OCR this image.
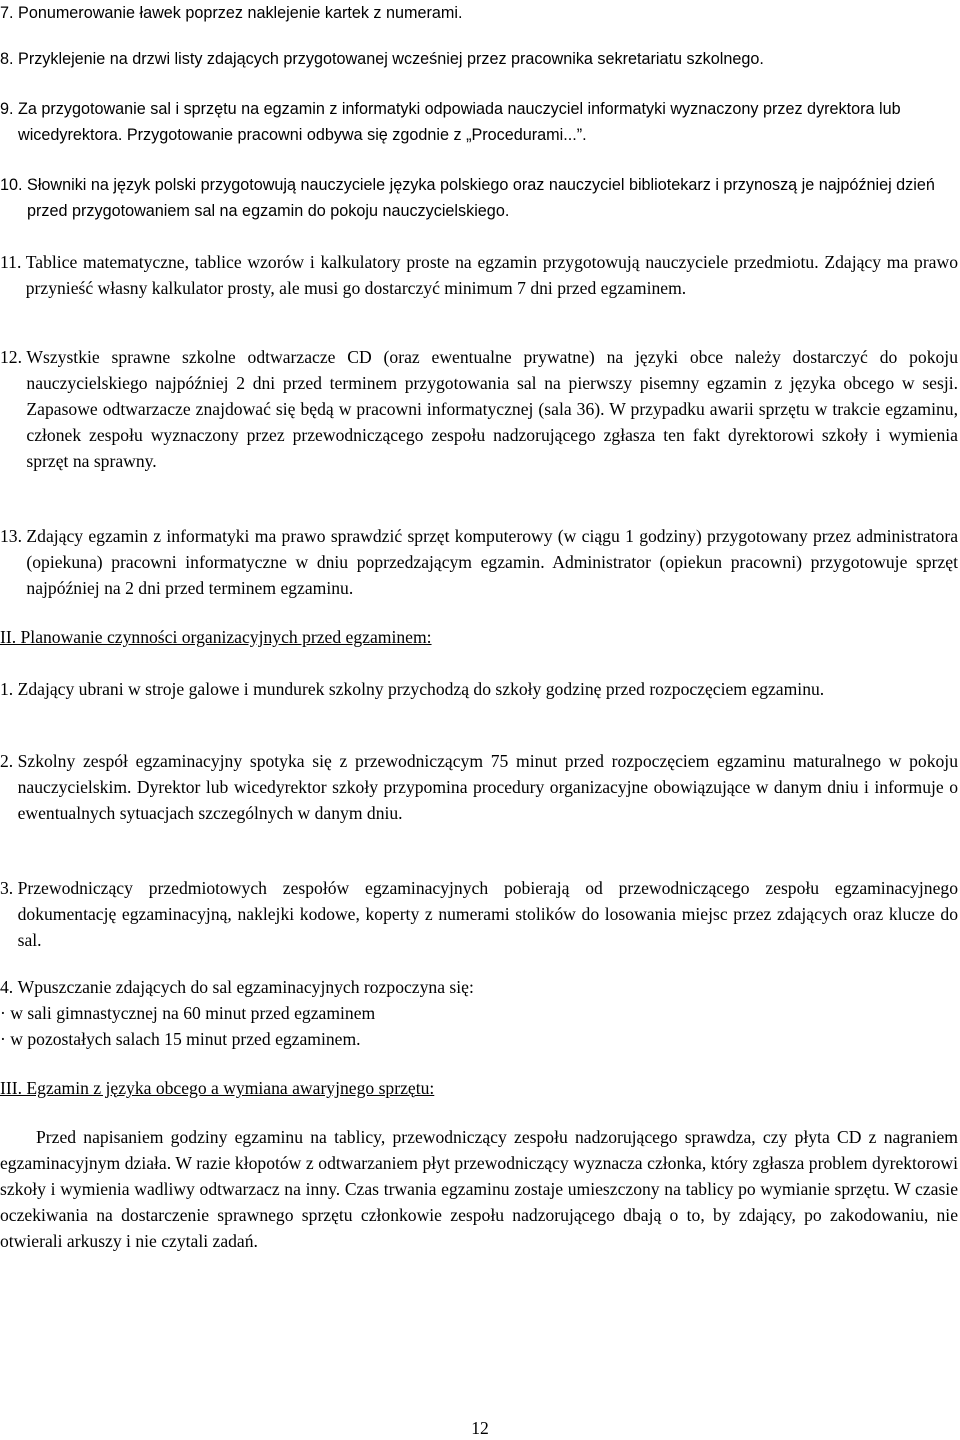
7.
Ponumerowanie ławek poprzez naklejenie kartek z numerami.
8.
Przyklejenie na drzwi listy zdających przygotowanej wcześniej przez pracownika sekretariatu szkolnego.
9.
Za przygotowanie sal i sprzętu na egzamin z informatyki odpowiada nauczyciel informatyki wyznaczony przez dyrektora lub wicedyrektora. Przygotowanie pracowni odbywa się zgodnie z „Procedurami...”.
10.
Słowniki na język polski przygotowują nauczyciele języka polskiego oraz nauczyciel bibliotekarz i przynoszą je najpóźniej dzień przed przygotowaniem sal na egzamin do pokoju nauczycielskiego.
11.
Tablice matematyczne, tablice wzorów i kalkulatory proste na egzamin przygotowują nauczyciele przedmiotu. Zdający ma prawo przynieść własny kalkulator prosty, ale musi go dostarczyć minimum 7 dni przed egzaminem.
12.
Wszystkie sprawne szkolne odtwarzacze CD (oraz ewentualne prywatne) na języki obce należy dostarczyć do pokoju nauczycielskiego najpóźniej 2 dni przed terminem przygotowania sal na pierwszy pisemny egzamin z języka obcego w sesji. Zapasowe odtwarzacze znajdować się będą w pracowni informatycznej (sala 36). W przypadku awarii sprzętu w trakcie egzaminu, członek zespołu wyznaczony przez przewodniczącego zespołu nadzorującego zgłasza ten fakt dyrektorowi szkoły i wymienia sprzęt na sprawny.
13.
Zdający egzamin z informatyki ma prawo sprawdzić sprzęt komputerowy (w ciągu 1 godziny) przygotowany przez administratora (opiekuna) pracowni informatyczne w dniu poprzedzającym egzamin. Administrator (opiekun pracowni) przygotowuje sprzęt najpóźniej na 2 dni przed terminem egzaminu.
II. Planowanie czynności organizacyjnych przed egzaminem:
1.
Zdający ubrani w stroje galowe i mundurek szkolny przychodzą do szkoły godzinę przed rozpoczęciem egzaminu.
2.
Szkolny zespół egzaminacyjny spotyka się z przewodniczącym 75 minut przed rozpoczęciem egzaminu maturalnego w pokoju nauczycielskim. Dyrektor lub wicedyrektor szkoły przypomina procedury organizacyjne obowiązujące w danym dniu i informuje o ewentualnych sytuacjach szczególnych w danym dniu.
3.
Przewodniczący przedmiotowych zespołów egzaminacyjnych pobierają od przewodniczącego zespołu egzaminacyjnego dokumentację egzaminacyjną, naklejki kodowe, koperty z numerami stolików do losowania miejsc przez zdających oraz klucze do sal.
4.
Wpuszczanie zdających do sal egzaminacyjnych rozpoczyna się:
· w sali gimnastycznej na 60 minut przed egzaminem
· w pozostałych salach 15 minut przed egzaminem.
III. Egzamin z języka obcego a wymiana awaryjnego sprzętu:
Przed napisaniem godziny egzaminu na tablicy, przewodniczący zespołu nadzorującego sprawdza, czy płyta CD z nagraniem egzaminacyjnym działa. W razie kłopotów z odtwarzaniem płyt przewodniczący wyznacza członka, który zgłasza problem dyrektorowi szkoły i wymienia wadliwy odtwarzacz na inny. Czas trwania egzaminu zostaje umieszczony na tablicy po wymianie sprzętu. W czasie oczekiwania na dostarczenie sprawnego sprzętu członkowie zespołu nadzorującego dbają o to, by zdający, po zakodowaniu, nie otwierali arkuszy i nie czytali zadań.
12
